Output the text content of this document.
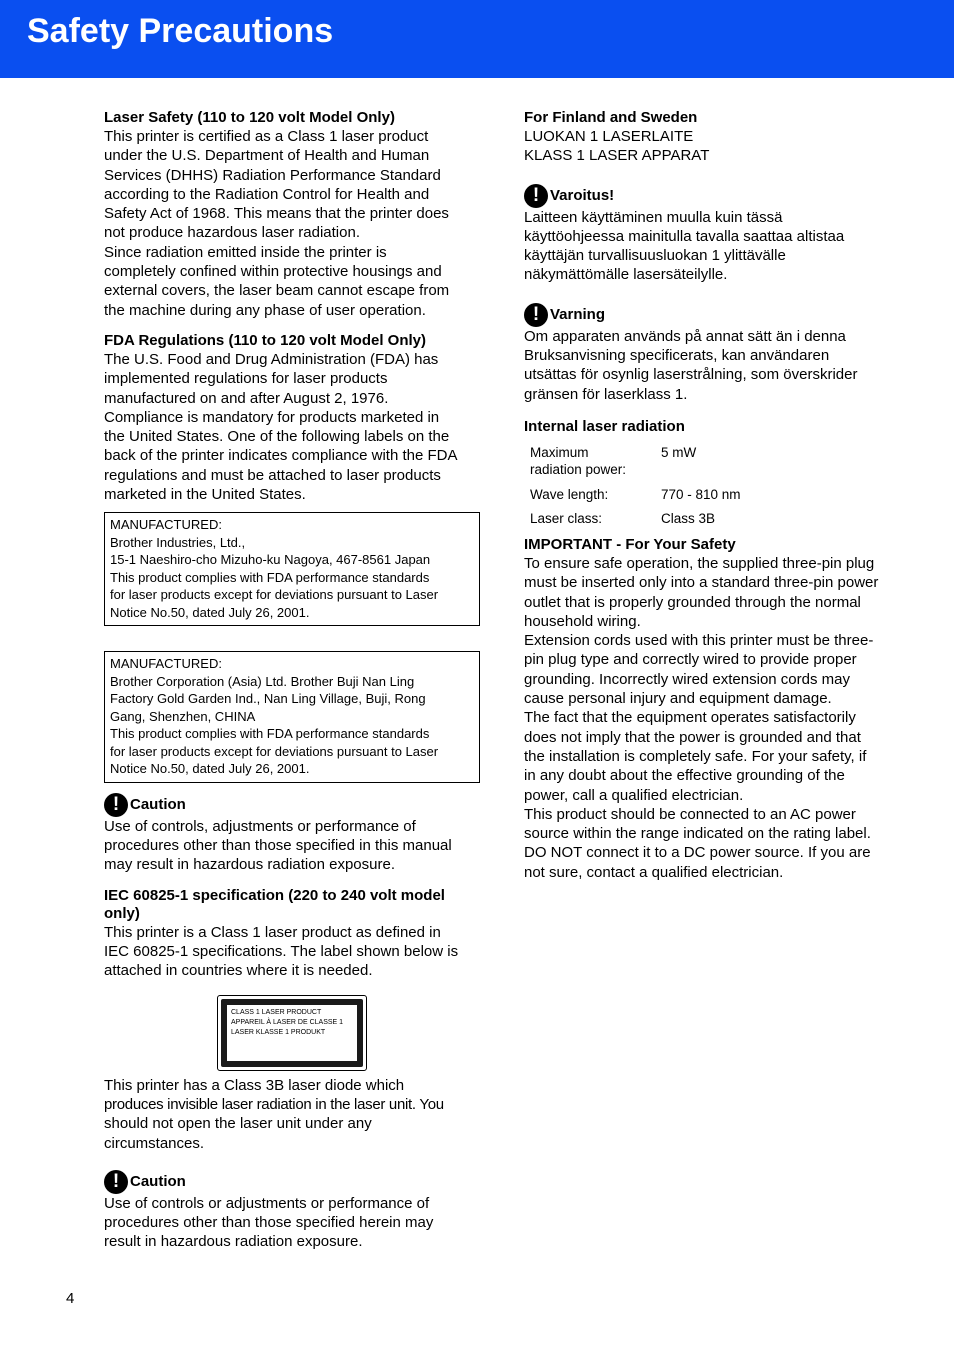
Safety Precautions
Laser Safety (110 to 120 volt Model Only)
This printer is certified as a Class 1 laser product
under the U.S. Department of Health and Human
Services (DHHS) Radiation Performance Standard
according to the Radiation Control for Health and
Safety Act of 1968. This means that the printer does
not produce hazardous laser radiation.
Since radiation emitted inside the printer is
completely confined within protective housings and
external covers, the laser beam cannot escape from
the machine during any phase of user operation.
FDA Regulations (110 to 120 volt Model Only)
The U.S. Food and Drug Administration (FDA) has
implemented regulations for laser products
manufactured on and after August 2, 1976.
Compliance is mandatory for products marketed in
the United States. One of the following labels on the
back of the printer indicates compliance with the FDA
regulations and must be attached to laser products
marketed in the United States.
MANUFACTURED:
Brother Industries, Ltd.,
15-1 Naeshiro-cho Mizuho-ku Nagoya, 467-8561 Japan
This product complies with FDA performance standards
for laser products except for deviations pursuant to Laser
Notice No.50, dated July 26, 2001.
MANUFACTURED:
Brother Corporation (Asia) Ltd. Brother Buji Nan Ling
Factory Gold Garden Ind., Nan Ling Village, Buji, Rong
Gang, Shenzhen, CHINA
This product complies with FDA performance standards
for laser products except for deviations pursuant to Laser
Notice No.50, dated July 26, 2001.
! Caution
Use of controls, adjustments or performance of
procedures other than those specified in this manual
may result in hazardous radiation exposure.
IEC 60825-1 specification (220 to 240 volt model
only)
This printer is a Class 1 laser product as defined in
IEC 60825-1 specifications. The label shown below is
attached in countries where it is needed.
CLASS 1 LASER PRODUCT
APPAREIL À LASER DE CLASSE 1
LASER KLASSE 1 PRODUKT
This printer has a Class 3B laser diode which
produces invisible laser radiation in the laser unit. You
should not open the laser unit under any
circumstances.
! Caution
Use of controls or adjustments or performance of
procedures other than those specified herein may
result in hazardous radiation exposure.
For Finland and Sweden
LUOKAN 1 LASERLAITE
KLASS 1 LASER APPARAT
! Varoitus!
Laitteen käyttäminen muulla kuin tässä
käyttöohjeessa mainitulla tavalla saattaa altistaa
käyttäjän turvallisuusluokan 1 ylittävälle
näkymättömälle lasersäteilylle.
! Varning
Om apparaten används på annat sätt än i denna
Bruksanvisning specificerats, kan användaren
utsättas för osynlig laserstrålning, som överskrider
gränsen för laserklass 1.
Internal laser radiation
Maximum
radiation power:
5 mW
Wave length:	770 - 810 nm
Laser class:	Class 3B
IMPORTANT - For Your Safety
To ensure safe operation, the supplied three-pin plug
must be inserted only into a standard three-pin power
outlet that is properly grounded through the normal
household wiring.
Extension cords used with this printer must be three-
pin plug type and correctly wired to provide proper
grounding. Incorrectly wired extension cords may
cause personal injury and equipment damage.
The fact that the equipment operates satisfactorily
does not imply that the power is grounded and that
the installation is completely safe. For your safety, if
in any doubt about the effective grounding of the
power, call a qualified electrician.
This product should be connected to an AC power
source within the range indicated on the rating label.
DO NOT connect it to a DC power source. If you are
not sure, contact a qualified electrician.
4
